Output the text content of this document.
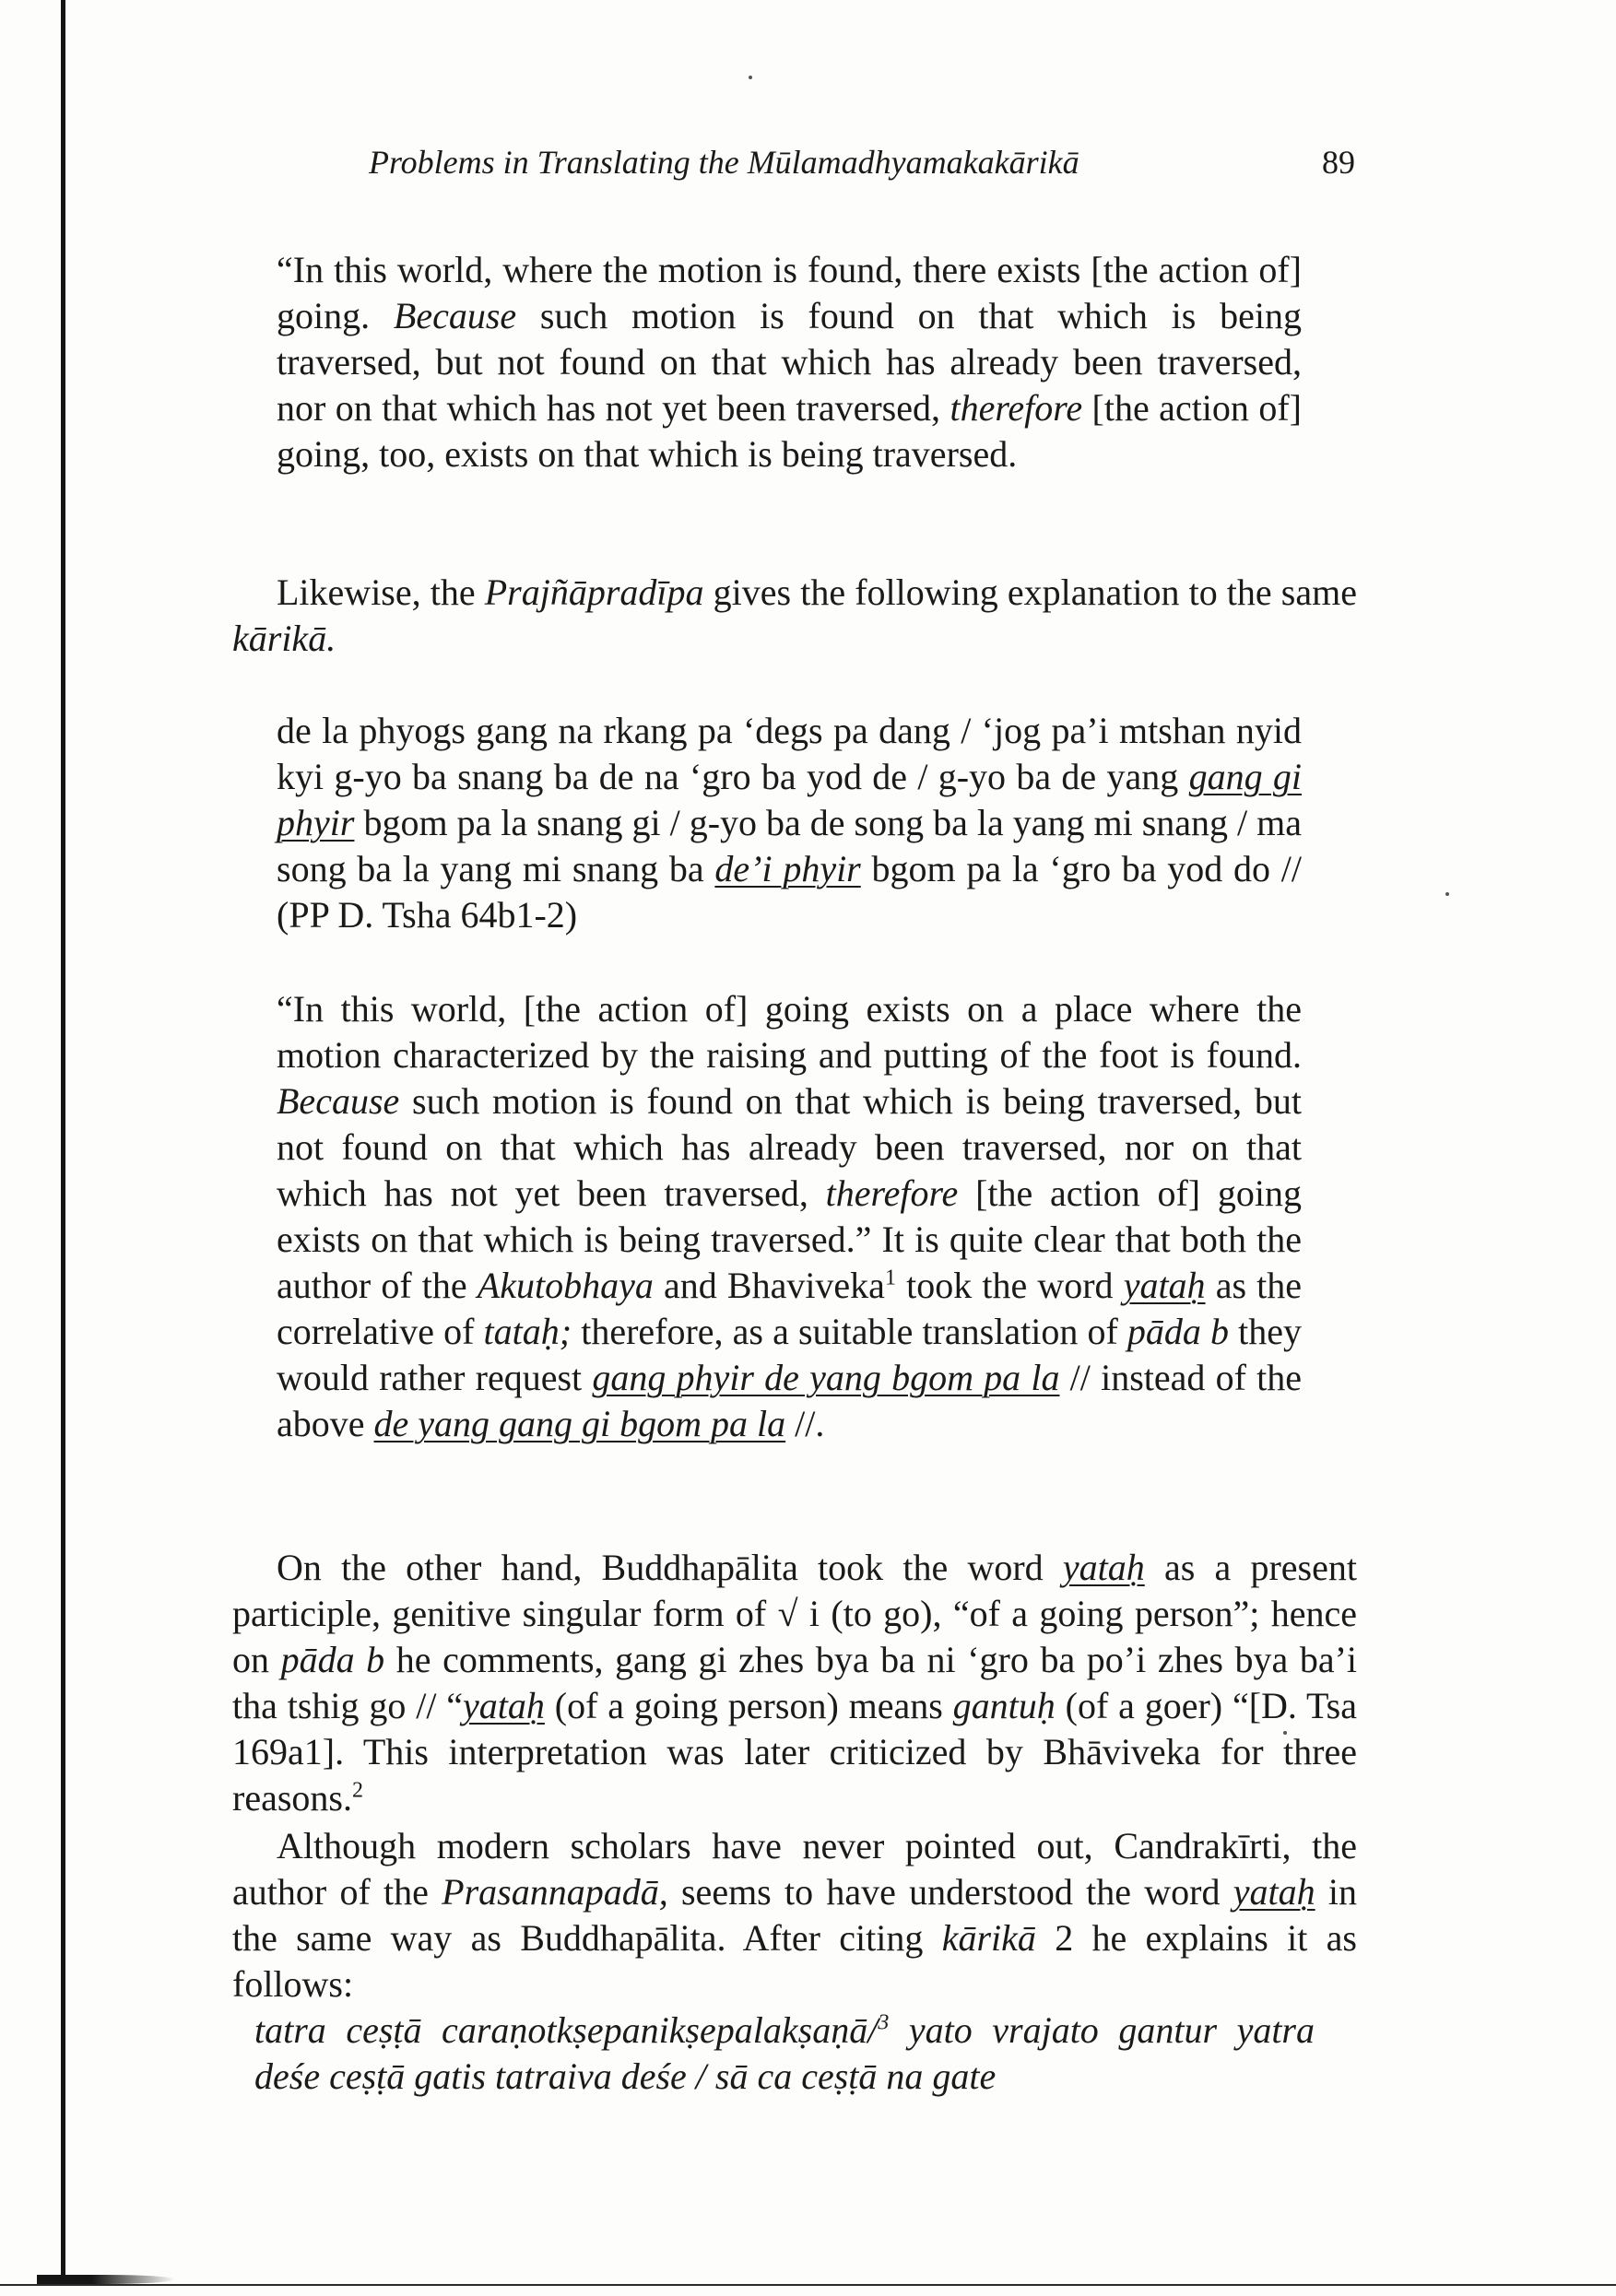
Problems in Translating the Mūlamadhyamakakārikā	89

“In this world, where the motion is found, there exists [the action of] going. Because such motion is found on that which is being traversed, but not found on that which has already been traversed, nor on that which has not yet been traversed, therefore [the action of] going, too, exists on that which is being traversed.

Likewise, the Prajñāpradīpa gives the following explanation to the same kārikā.

de la phyogs gang na rkang pa ‘degs pa dang / ‘jog pa’i mtshan nyid kyi g-yo ba snang ba de na ‘gro ba yod de / g-yo ba de yang gang gi phyir bgom pa la snang gi / g-yo ba de song ba la yang mi snang / ma song ba la yang mi snang ba de’i phyir bgom pa la ‘gro ba yod do // (PP D. Tsha 64b1-2)

“In this world, [the action of] going exists on a place where the motion characterized by the raising and putting of the foot is found. Because such motion is found on that which is being traversed, but not found on that which has already been traversed, nor on that which has not yet been traversed, therefore [the action of] going exists on that which is being traversed.” It is quite clear that both the author of the Akutobhaya and Bhaviveka$^1$ took the word yataḥ as the correlative of tataḥ; therefore, as a suitable translation of pāda b they would rather request gang phyir de yang bgom pa la // instead of the above de yang gang gi bgom pa la //.

On the other hand, Buddhapālita took the word yataḥ as a present participle, genitive singular form of √ i (to go), “of a going person”; hence on pāda b he comments, gang gi zhes bya ba ni ‘gro ba po’i zhes bya ba’i tha tshig go // “yataḥ (of a going person) means gantuḥ (of a goer) “[D. Tsa 169a1]. This interpretation was later criticized by Bhāviveka for three reasons.$^2$

Although modern scholars have never pointed out, Candrakīrti, the author of the Prasannapadā, seems to have understood the word yataḥ in the same way as Buddhapālita. After citing kārikā 2 he explains it as follows:

tatra ceṣṭā caraṇotkṣepanikṣepalakṣaṇā/$^3$ yato vrajato gantur yatra deśe ceṣṭā gatis tatraiva deśe / sā ca ceṣṭā na gate
